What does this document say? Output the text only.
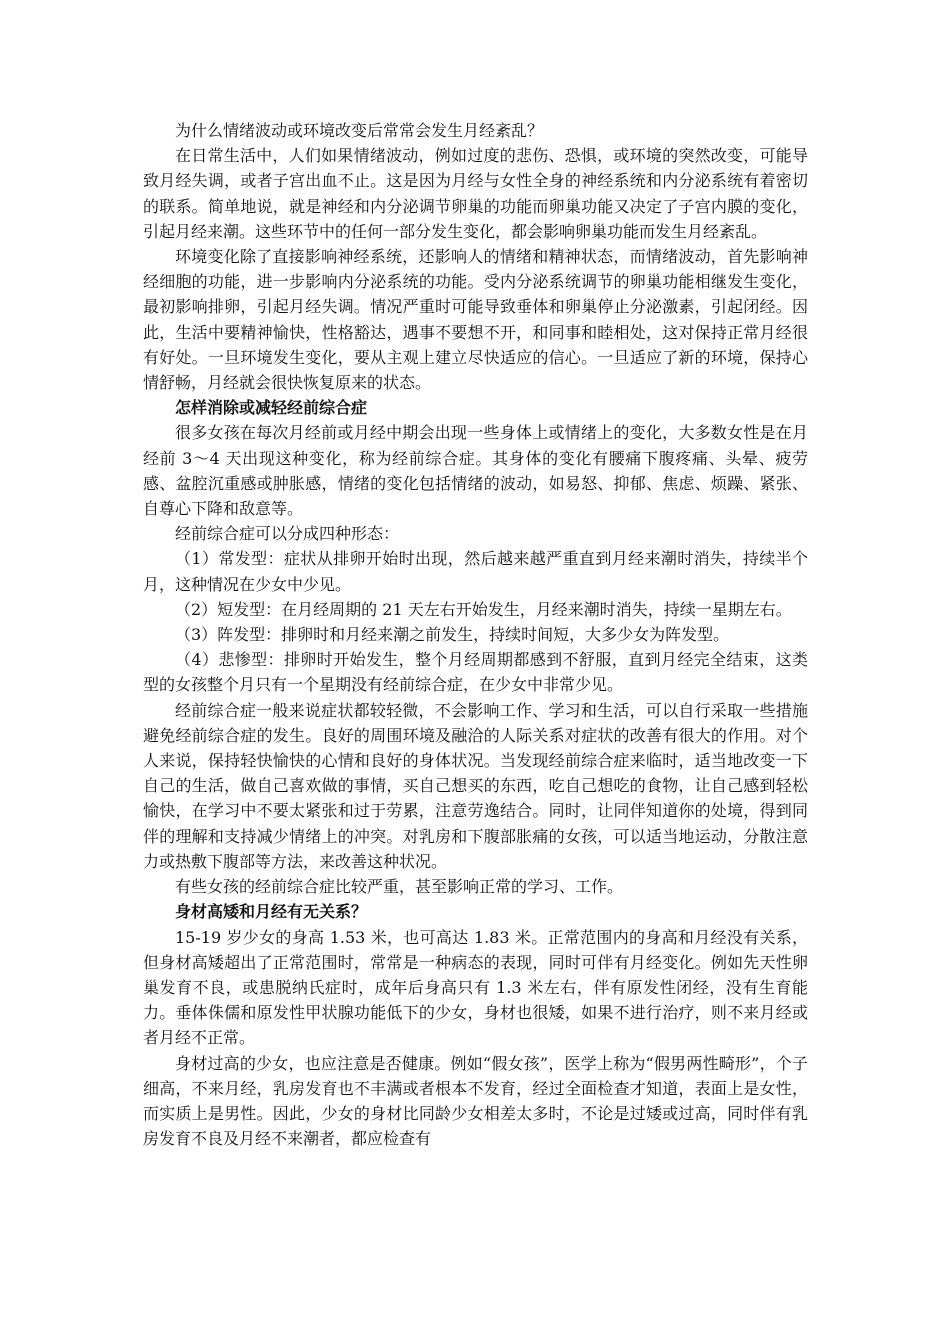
为什么情绪波动或环境改变后常常会发生月经紊乱？

在日常生活中，人们如果情绪波动，例如过度的悲伤、恐惧，或环境的突然改变，可能导致月经失调，或者子宫出血不止。这是因为月经与女性全身的神经系统和内分泌系统有着密切的联系。简单地说，就是神经和内分泌调节卵巢的功能而卵巢功能又决定了子宫内膜的变化，引起月经来潮。这些环节中的任何一部分发生变化，都会影响卵巢功能而发生月经紊乱。

环境变化除了直接影响神经系统，还影响人的情绪和精神状态，而情绪波动，首先影响神经细胞的功能，进一步影响内分泌系统的功能。受内分泌系统调节的卵巢功能相继发生变化，最初影响排卵，引起月经失调。情况严重时可能导致垂体和卵巢停止分泌激素，引起闭经。因此，生活中要精神愉快，性格豁达，遇事不要想不开，和同事和睦相处，这对保持正常月经很有好处。一旦环境发生变化，要从主观上建立尽快适应的信心。一旦适应了新的环境，保持心情舒畅，月经就会很快恢复原来的状态。

怎样消除或减轻经前综合症

很多女孩在每次月经前或月经中期会出现一些身体上或情绪上的变化，大多数女性是在月经前 3～4 天出现这种变化，称为经前综合症。其身体的变化有腰痛下腹疼痛、头晕、疲劳感、盆腔沉重感或肿胀感，情绪的变化包括情绪的波动，如易怒、抑郁、焦虑、烦躁、紧张、自尊心下降和敌意等。

经前综合症可以分成四种形态：

（1）常发型：症状从排卵开始时出现，然后越来越严重直到月经来潮时消失，持续半个月，这种情况在少女中少见。

（2）短发型：在月经周期的 21 天左右开始发生，月经来潮时消失，持续一星期左右。

（3）阵发型：排卵时和月经来潮之前发生，持续时间短，大多少女为阵发型。

（4）悲惨型：排卵时开始发生，整个月经周期都感到不舒服，直到月经完全结束，这类型的女孩整个月只有一个星期没有经前综合症，在少女中非常少见。

经前综合症一般来说症状都较轻微，不会影响工作、学习和生活，可以自行采取一些措施避免经前综合症的发生。良好的周围环境及融洽的人际关系对症状的改善有很大的作用。对个人来说，保持轻快愉快的心情和良好的身体状况。当发现经前综合症来临时，适当地改变一下自己的生活，做自己喜欢做的事情，买自己想买的东西，吃自己想吃的食物，让自己感到轻松愉快，在学习中不要太紧张和过于劳累，注意劳逸结合。同时，让同伴知道你的处境，得到同伴的理解和支持减少情绪上的冲突。对乳房和下腹部胀痛的女孩，可以适当地运动，分散注意力或热敷下腹部等方法，来改善这种状况。

有些女孩的经前综合症比较严重，甚至影响正常的学习、工作。

身材高矮和月经有无关系？

15-19 岁少女的身高 1.53 米，也可高达 1.83 米。正常范围内的身高和月经没有关系，但身材高矮超出了正常范围时，常常是一种病态的表现，同时可伴有月经变化。例如先天性卵巢发育不良，或患脱纳氏症时，成年后身高只有 1.3 米左右，伴有原发性闭经，没有生育能力。垂体侏儒和原发性甲状腺功能低下的少女，身材也很矮，如果不进行治疗，则不来月经或者月经不正常。

身材过高的少女，也应注意是否健康。例如“假女孩”，医学上称为“假男两性畸形”，个子细高，不来月经，乳房发育也不丰满或者根本不发育，经过全面检查才知道，表面上是女性，而实质上是男性。因此，少女的身材比同龄少女相差太多时，不论是过矮或过高，同时伴有乳房发育不良及月经不来潮者，都应检查有
